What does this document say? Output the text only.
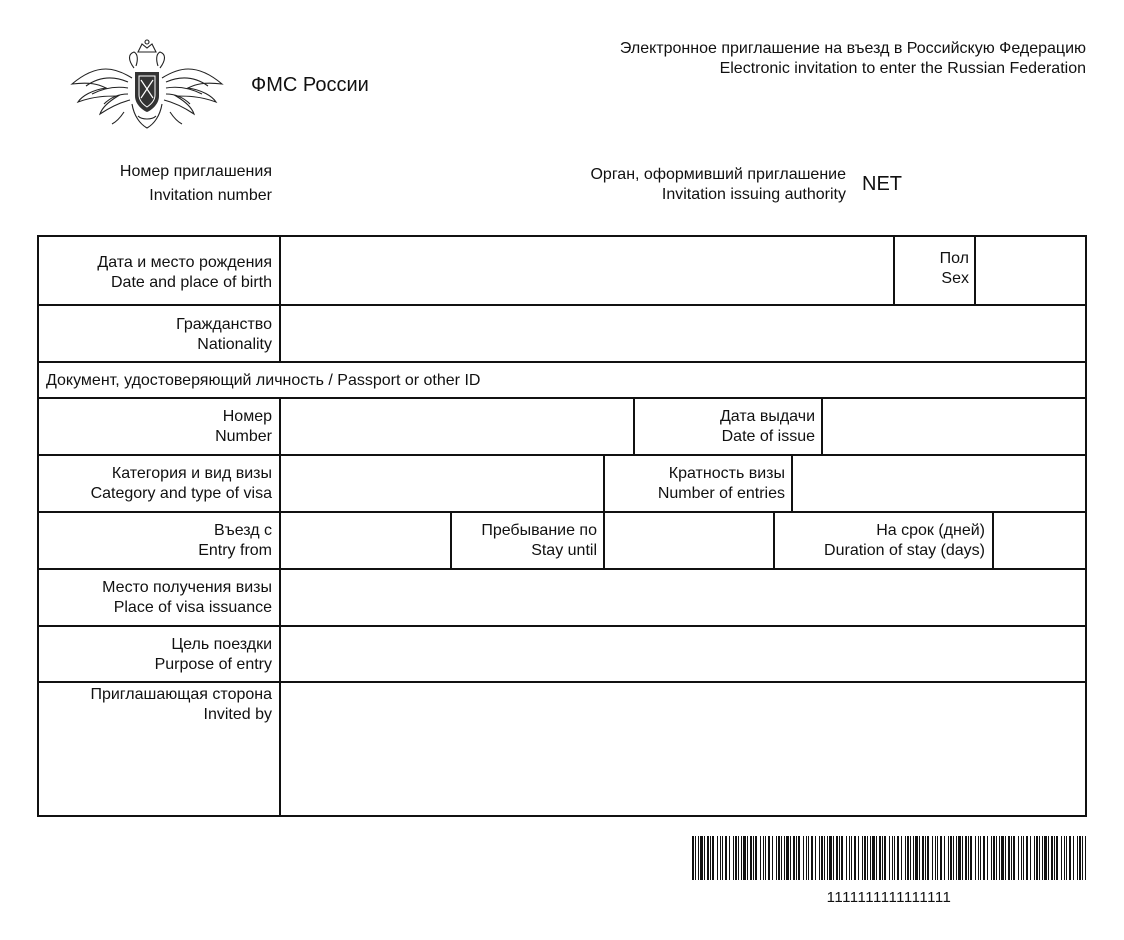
ФМС России
Электронное приглашение на въезд в Российскую Федерацию
Electronic invitation to enter the Russian Federation
Номер приглашения
Invitation number
Орган, оформивший приглашение
Invitation issuing authority NET
Дата и место рождения
Date and place of birth
Пол
Sex
Гражданство
Nationality
Документ, удостоверяющий личность / Passport or other ID
Номер
Number
Дата выдачи
Date of issue
Категория и вид визы
Category and type of visa
Кратность визы
Number of entries
Въезд с
Entry from
Пребывание по
Stay until
На срок (дней)
Duration of stay (days)
Место получения визы
Place of visa issuance
Цель поездки
Purpose of entry
Приглашающая сторона
Invited by
1111111111111111
